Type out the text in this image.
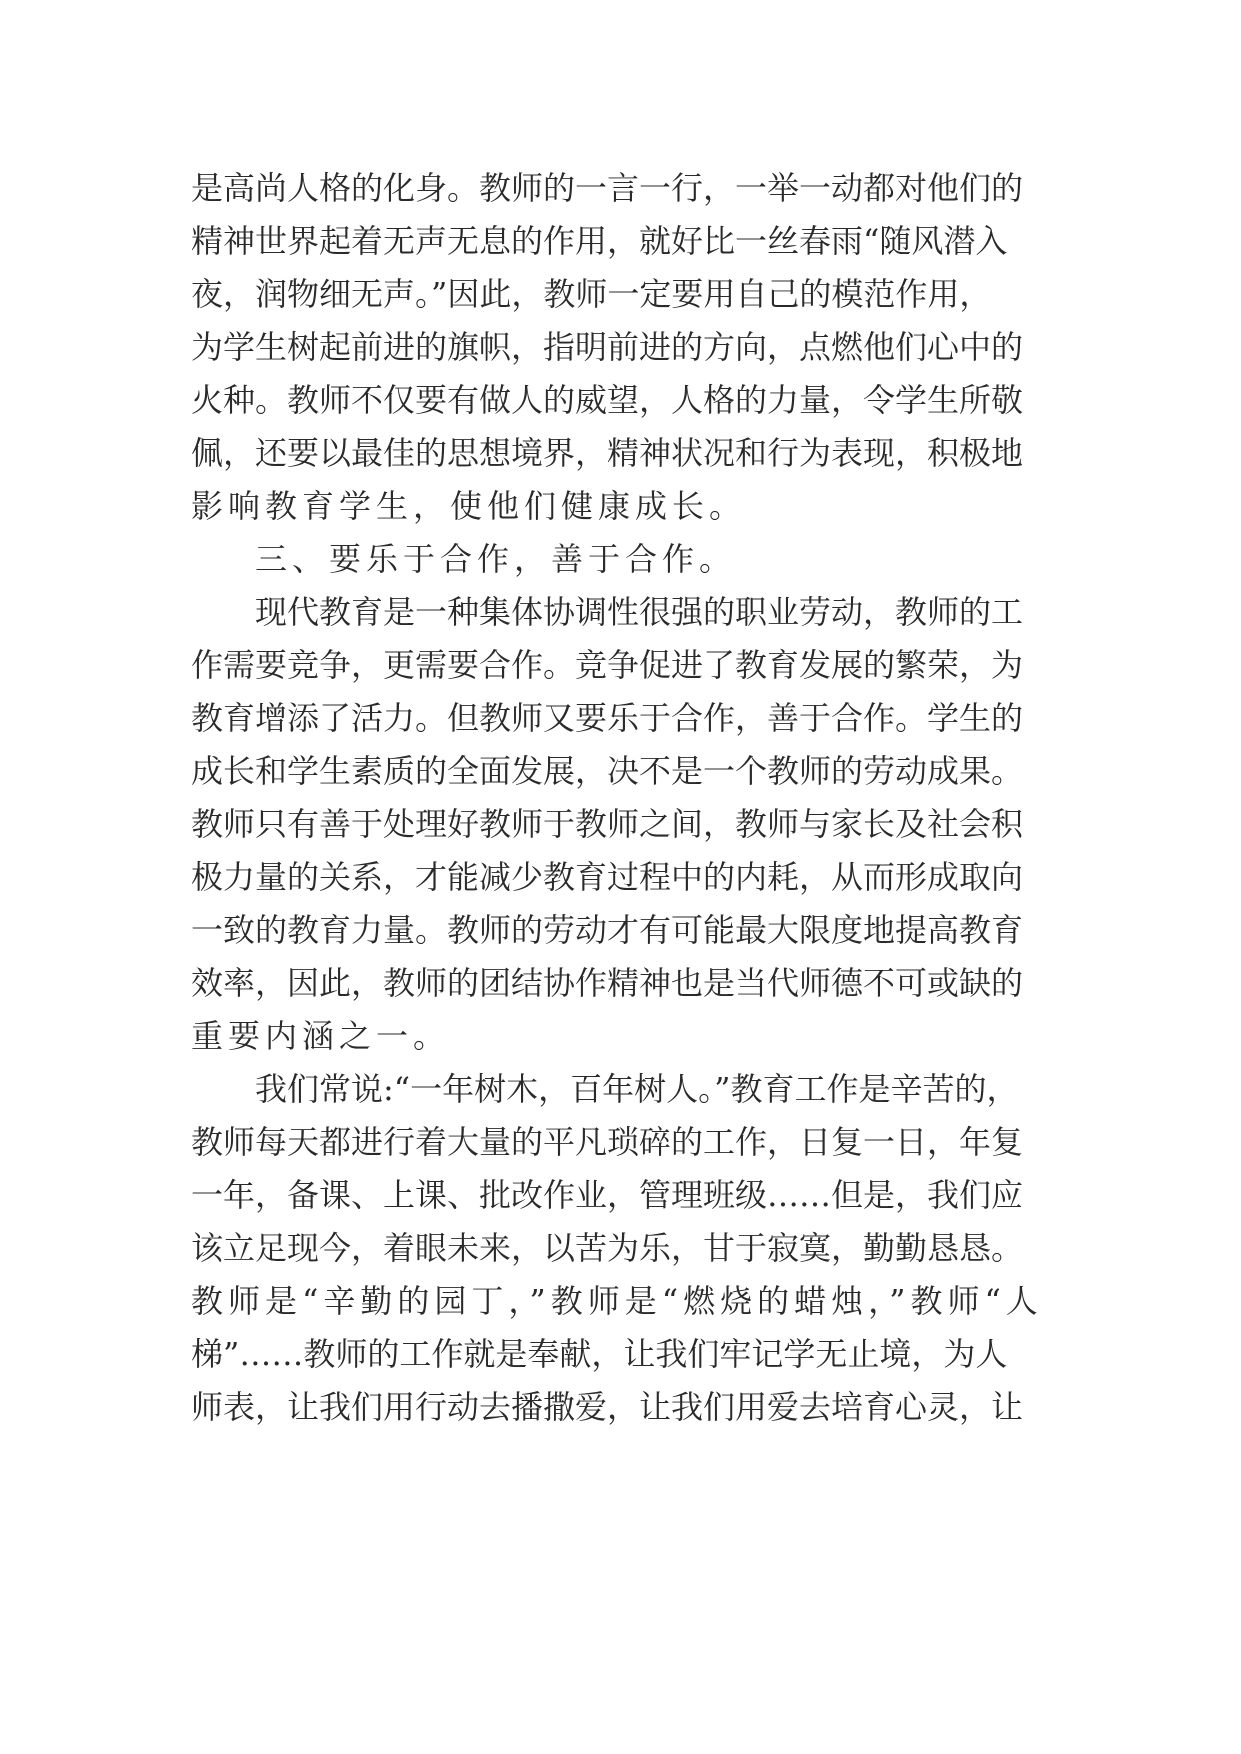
是高尚人格的化身。教师的一言一行，一举一动都对他们的
精神世界起着无声无息的作用，就好比一丝春雨“随风潜入
夜，润物细无声。”因此，教师一定要用自己的模范作用，
为学生树起前进的旗帜，指明前进的方向，点燃他们心中的
火种。教师不仅要有做人的威望，人格的力量，令学生所敬
佩，还要以最佳的思想境界，精神状况和行为表现，积极地
影响教育学生，使他们健康成长。
三、要乐于合作，善于合作。
现代教育是一种集体协调性很强的职业劳动，教师的工
作需要竞争，更需要合作。竞争促进了教育发展的繁荣，为
教育增添了活力。但教师又要乐于合作，善于合作。学生的
成长和学生素质的全面发展，决不是一个教师的劳动成果。
教师只有善于处理好教师于教师之间，教师与家长及社会积
极力量的关系，才能减少教育过程中的内耗，从而形成取向
一致的教育力量。教师的劳动才有可能最大限度地提高教育
效率，因此，教师的团结协作精神也是当代师德不可或缺的
重要内涵之一。
我们常说:“一年树木，百年树人。”教育工作是辛苦的，
教师每天都进行着大量的平凡琐碎的工作，日复一日，年复
一年，备课、上课、批改作业，管理班级……但是，我们应
该立足现今，着眼未来，以苦为乐，甘于寂寞，勤勤恳恳。
教师是“辛勤的园丁，”教师是“燃烧的蜡烛，”教师“人
梯”……教师的工作就是奉献，让我们牢记学无止境，为人
师表，让我们用行动去播撒爱，让我们用爱去培育心灵，让
